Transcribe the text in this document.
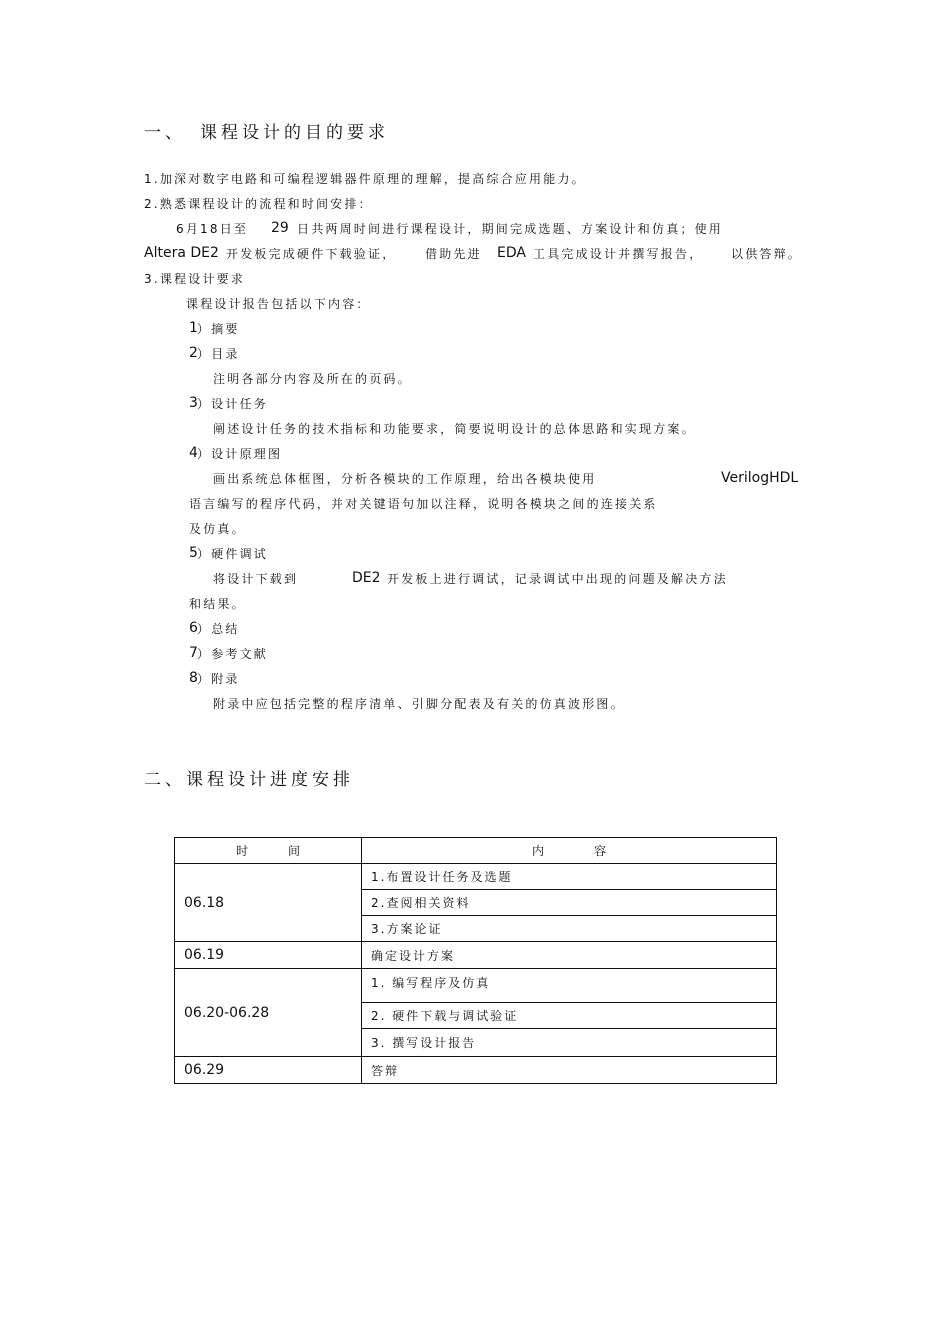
一、 课程设计的目的要求
1.加深对数字电路和可编程逻辑器件原理的理解，提高综合应用能力。
2.熟悉课程设计的流程和时间安排：
6月18日至 29 日共两周时间进行课程设计，期间完成选题、方案设计和仿真；使用
Altera DE2 开发板完成硬件下载验证， 借助先进 EDA 工具完成设计并撰写报告， 以供答辩。
3.课程设计要求
课程设计报告包括以下内容：
1 ）摘要
2 ）目录
注明各部分内容及所在的页码。
3 ）设计任务
阐述设计任务的技术指标和功能要求，简要说明设计的总体思路和实现方案。
4 ）设计原理图
画出系统总体框图，分析各模块的工作原理，给出各模块使用	VerilogHDL
语言编写的程序代码，并对关键语句加以注释，说明各模块之间的连接关系
及仿真。
5 ）硬件调试
将设计下载到	DE2 开发板上进行调试，记录调试中出现的问题及解决方法
和结果。
6 ）总结
7 ）参考文献
8 ）附录
附录中应包括完整的程序清单、引脚分配表及有关的仿真波形图。
二、课程设计进度安排
时间	内容
06.18	1.布置设计任务及选题
	2.查阅相关资料
	3.方案论证
06.19	确定设计方案
06.20-06.28	1. 编写程序及仿真
	2. 硬件下载与调试验证
	3. 撰写设计报告
06.29	答辩
